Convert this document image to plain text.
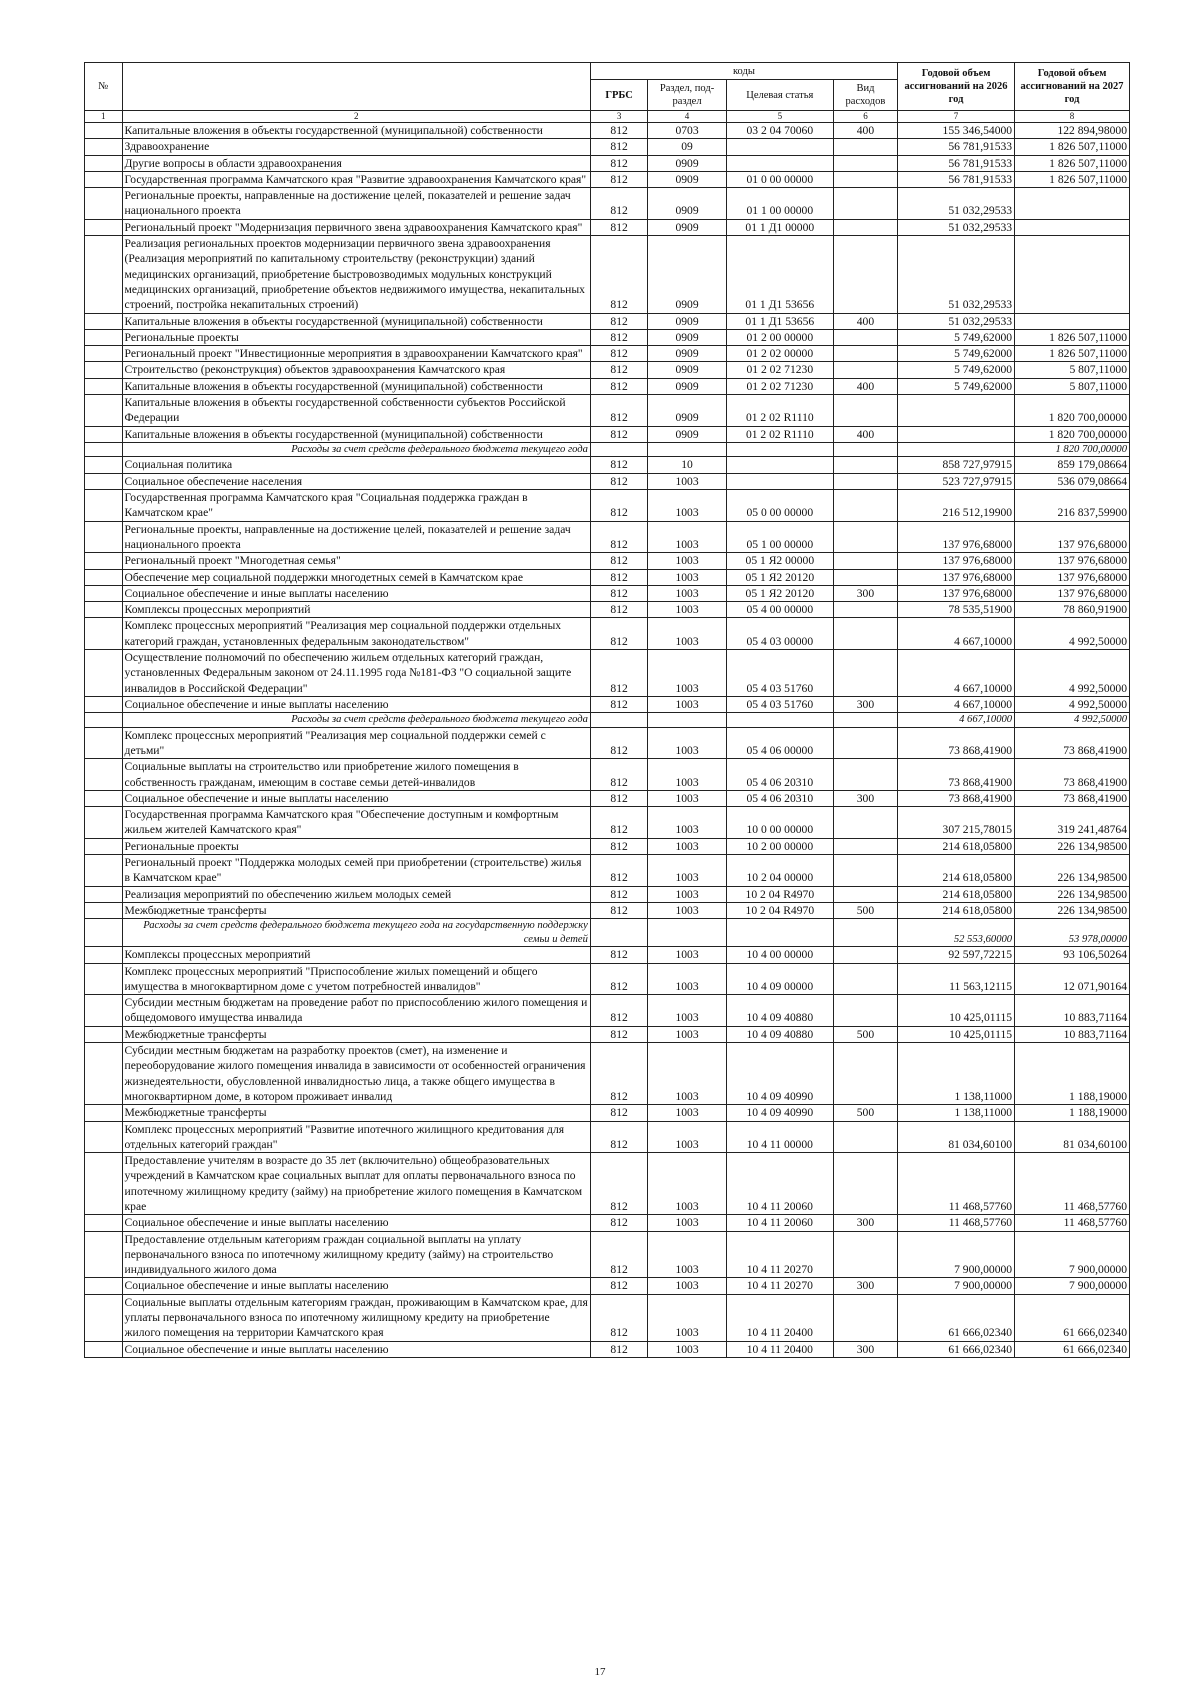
№		коды				Годовой объем ассигнований на 2026 год	Годовой объем ассигнований на 2027 год
		ГРБС	Раздел, под-раздел	Целевая статья	Вид расходов		
1	2	3	4	5	6	7	8
	Капитальные вложения в объекты государственной (муниципальной) собственности	812	0703	03 2 04 70060	400	155 346,54000	122 894,98000
	Здравоохранение	812	09			56 781,91533	1 826 507,11000
	Другие вопросы в области здравоохранения	812	0909			56 781,91533	1 826 507,11000
	Государственная программа Камчатского края "Развитие здравоохранения Камчатского края"	812	0909	01 0 00 00000		56 781,91533	1 826 507,11000
	Региональные проекты, направленные на достижение целей, показателей и решение задач национального проекта	812	0909	01 1 00 00000		51 032,29533	
	Региональный проект "Модернизация первичного звена здравоохранения Камчатского края"	812	0909	01 1 Д1 00000		51 032,29533	
	Реализация региональных проектов модернизации первичного звена здравоохранения (Реализация мероприятий по капитальному строительству (реконструкции) зданий медицинских организаций, приобретение быстровозводимых модульных конструкций медицинских организаций, приобретение объектов недвижимого имущества, некапитальных строений, постройка некапитальных строений)	812	0909	01 1 Д1 53656		51 032,29533	
	Капитальные вложения в объекты государственной (муниципальной) собственности	812	0909	01 1 Д1 53656	400	51 032,29533	
	Региональные проекты	812	0909	01 2 00 00000		5 749,62000	1 826 507,11000
	Региональный проект "Инвестиционные мероприятия в здравоохранении Камчатского края"	812	0909	01 2 02 00000		5 749,62000	1 826 507,11000
	Строительство (реконструкция) объектов здравоохранения Камчатского края	812	0909	01 2 02 71230		5 749,62000	5 807,11000
	Капитальные вложения в объекты государственной (муниципальной) собственности	812	0909	01 2 02 71230	400	5 749,62000	5 807,11000
	Капитальные вложения в объекты государственной собственности субъектов Российской Федерации	812	0909	01 2 02 R1110			1 820 700,00000
	Капитальные вложения в объекты государственной (муниципальной) собственности	812	0909	01 2 02 R1110	400		1 820 700,00000
	Расходы за счет средств федерального бюджета текущего года						1 820 700,00000
	Социальная политика	812	10			858 727,97915	859 179,08664
	Социальное обеспечение населения	812	1003			523 727,97915	536 079,08664
	Государственная программа Камчатского края "Социальная поддержка граждан в Камчатском крае"	812	1003	05 0 00 00000		216 512,19900	216 837,59900
	Региональные проекты, направленные на достижение целей, показателей и решение задач национального проекта	812	1003	05 1 00 00000		137 976,68000	137 976,68000
	Региональный проект "Многодетная семья"	812	1003	05 1 Я2 00000		137 976,68000	137 976,68000
	Обеспечение мер социальной поддержки многодетных семей в Камчатском крае	812	1003	05 1 Я2 20120		137 976,68000	137 976,68000
	Социальное обеспечение и иные выплаты населению	812	1003	05 1 Я2 20120	300	137 976,68000	137 976,68000
	Комплексы процессных мероприятий	812	1003	05 4 00 00000		78 535,51900	78 860,91900
	Комплекс процессных мероприятий "Реализация мер социальной поддержки отдельных категорий граждан, установленных федеральным законодательством"	812	1003	05 4 03 00000		4 667,10000	4 992,50000
	Осуществление полномочий по обеспечению жильем отдельных категорий граждан, установленных Федеральным законом от 24.11.1995 года №181-ФЗ "О социальной защите инвалидов в Российской Федерации"	812	1003	05 4 03 51760		4 667,10000	4 992,50000
	Социальное обеспечение и иные выплаты населению	812	1003	05 4 03 51760	300	4 667,10000	4 992,50000
	Расходы за счет средств федерального бюджета текущего года					4 667,10000	4 992,50000
	Комплекс процессных мероприятий "Реализация мер социальной поддержки семей с детьми"	812	1003	05 4 06 00000		73 868,41900	73 868,41900
	Социальные выплаты на строительство или приобретение жилого помещения в собственность гражданам, имеющим в составе семьи детей-инвалидов	812	1003	05 4 06 20310		73 868,41900	73 868,41900
	Социальное обеспечение и иные выплаты населению	812	1003	05 4 06 20310	300	73 868,41900	73 868,41900
	Государственная программа Камчатского края "Обеспечение доступным и комфортным жильем жителей Камчатского края"	812	1003	10 0 00 00000		307 215,78015	319 241,48764
	Региональные проекты	812	1003	10 2 00 00000		214 618,05800	226 134,98500
	Региональный проект "Поддержка молодых семей при приобретении (строительстве) жилья в Камчатском крае"	812	1003	10 2 04 00000		214 618,05800	226 134,98500
	Реализация мероприятий по обеспечению жильем молодых семей	812	1003	10 2 04 R4970		214 618,05800	226 134,98500
	Межбюджетные трансферты	812	1003	10 2 04 R4970	500	214 618,05800	226 134,98500
	Расходы за счет средств федерального бюджета текущего года на государственную поддержку семьи и детей					52 553,60000	53 978,00000
	Комплексы процессных мероприятий	812	1003	10 4 00 00000		92 597,72215	93 106,50264
	Комплекс процессных мероприятий "Приспособление жилых помещений и общего имущества в многоквартирном доме с учетом потребностей инвалидов"	812	1003	10 4 09 00000		11 563,12115	12 071,90164
	Субсидии местным бюджетам на проведение работ по приспособлению жилого помещения и общедомового имущества инвалида	812	1003	10 4 09 40880		10 425,01115	10 883,71164
	Межбюджетные трансферты	812	1003	10 4 09 40880	500	10 425,01115	10 883,71164
	Субсидии местным бюджетам на разработку проектов (смет), на изменение и переоборудование жилого помещения инвалида в зависимости от особенностей ограничения жизнедеятельности, обусловленной инвалидностью лица, а также общего имущества в многоквартирном доме, в котором проживает инвалид	812	1003	10 4 09 40990		1 138,11000	1 188,19000
	Межбюджетные трансферты	812	1003	10 4 09 40990	500	1 138,11000	1 188,19000
	Комплекс процессных мероприятий "Развитие ипотечного жилищного кредитования для отдельных категорий граждан"	812	1003	10 4 11 00000		81 034,60100	81 034,60100
	Предоставление учителям в возрасте до 35 лет (включительно) общеобразовательных учреждений в Камчатском крае социальных выплат для оплаты первоначального взноса по ипотечному жилищному кредиту (займу) на приобретение жилого помещения в Камчатском крае	812	1003	10 4 11 20060		11 468,57760	11 468,57760
	Социальное обеспечение и иные выплаты населению	812	1003	10 4 11 20060	300	11 468,57760	11 468,57760
	Предоставление отдельным категориям граждан социальной выплаты на уплату первоначального взноса по ипотечному жилищному кредиту (займу) на строительство индивидуального жилого дома	812	1003	10 4 11 20270		7 900,00000	7 900,00000
	Социальное обеспечение и иные выплаты населению	812	1003	10 4 11 20270	300	7 900,00000	7 900,00000
	Социальные выплаты отдельным категориям граждан, проживающим в Камчатском крае, для уплаты первоначального взноса по ипотечному жилищному кредиту на приобретение жилого помещения на территории Камчатского края	812	1003	10 4 11 20400		61 666,02340	61 666,02340
	Социальное обеспечение и иные выплаты населению	812	1003	10 4 11 20400	300	61 666,02340	61 666,02340
17
